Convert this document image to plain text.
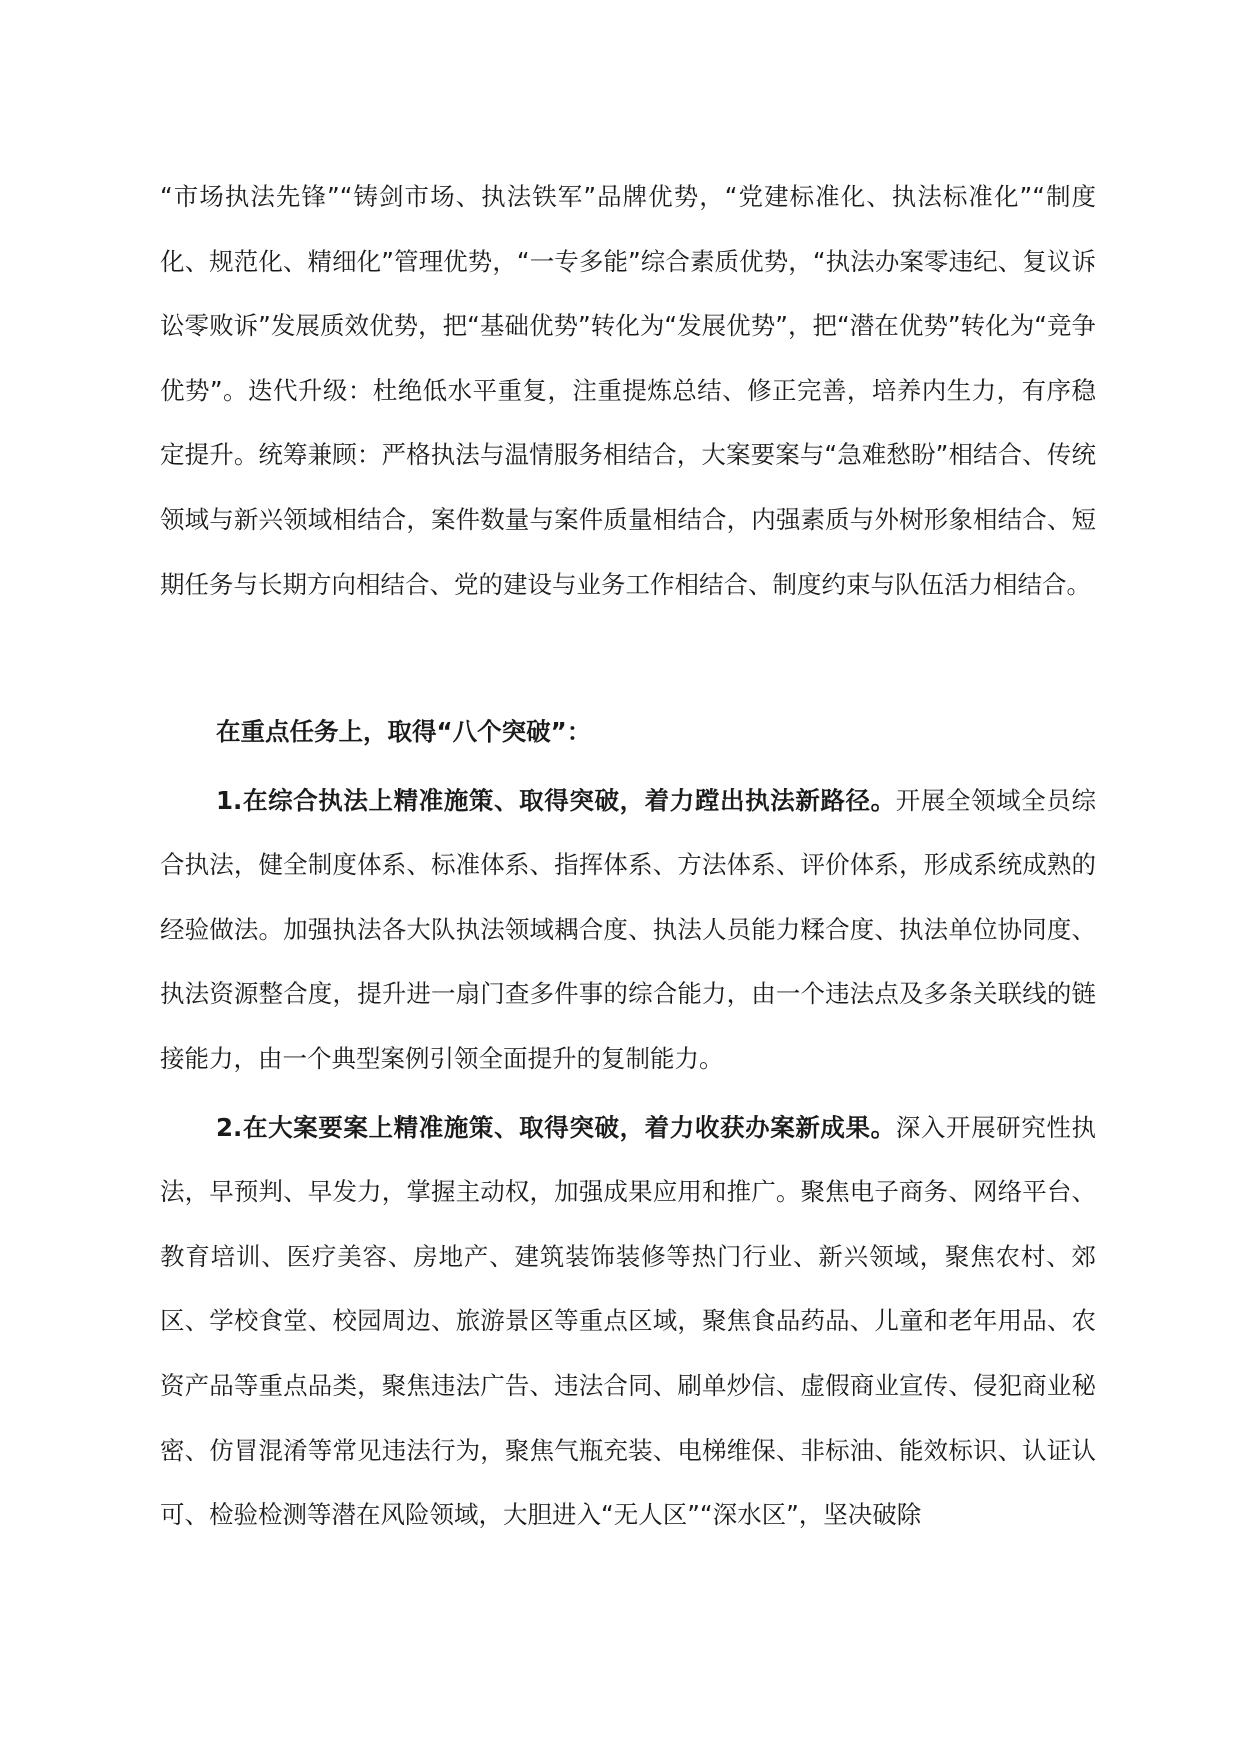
“市场执法先锋”“铸剑市场、执法铁军”品牌优势，“党建标准化、执法标准化”“制度化、规范化、精细化”管理优势，“一专多能”综合素质优势，“执法办案零违纪、复议诉讼零败诉”发展质效优势，把“基础优势”转化为“发展优势”，把“潜在优势”转化为“竞争优势”。迭代升级：杜绝低水平重复，注重提炼总结、修正完善，培养内生力，有序稳定提升。统筹兼顾：严格执法与温情服务相结合，大案要案与“急难愁盼”相结合、传统领域与新兴领域相结合，案件数量与案件质量相结合，内强素质与外树形象相结合、短期任务与长期方向相结合、党的建设与业务工作相结合、制度约束与队伍活力相结合。

在重点任务上，取得“八个突破”：

1.在综合执法上精准施策、取得突破，着力蹚出执法新路径。开展全领域全员综合执法，健全制度体系、标准体系、指挥体系、方法体系、评价体系，形成系统成熟的经验做法。加强执法各大队执法领域耦合度、执法人员能力糅合度、执法单位协同度、执法资源整合度，提升进一扇门查多件事的综合能力，由一个违法点及多条关联线的链接能力，由一个典型案例引领全面提升的复制能力。

2.在大案要案上精准施策、取得突破，着力收获办案新成果。深入开展研究性执法，早预判、早发力，掌握主动权，加强成果应用和推广。聚焦电子商务、网络平台、教育培训、医疗美容、房地产、建筑装饰装修等热门行业、新兴领域，聚焦农村、郊区、学校食堂、校园周边、旅游景区等重点区域，聚焦食品药品、儿童和老年用品、农资产品等重点品类，聚焦违法广告、违法合同、刷单炒信、虚假商业宣传、侵犯商业秘密、仿冒混淆等常见违法行为，聚焦气瓶充装、电梯维保、非标油、能效标识、认证认可、检验检测等潜在风险领域，大胆进入“无人区”“深水区”，坚决破除
